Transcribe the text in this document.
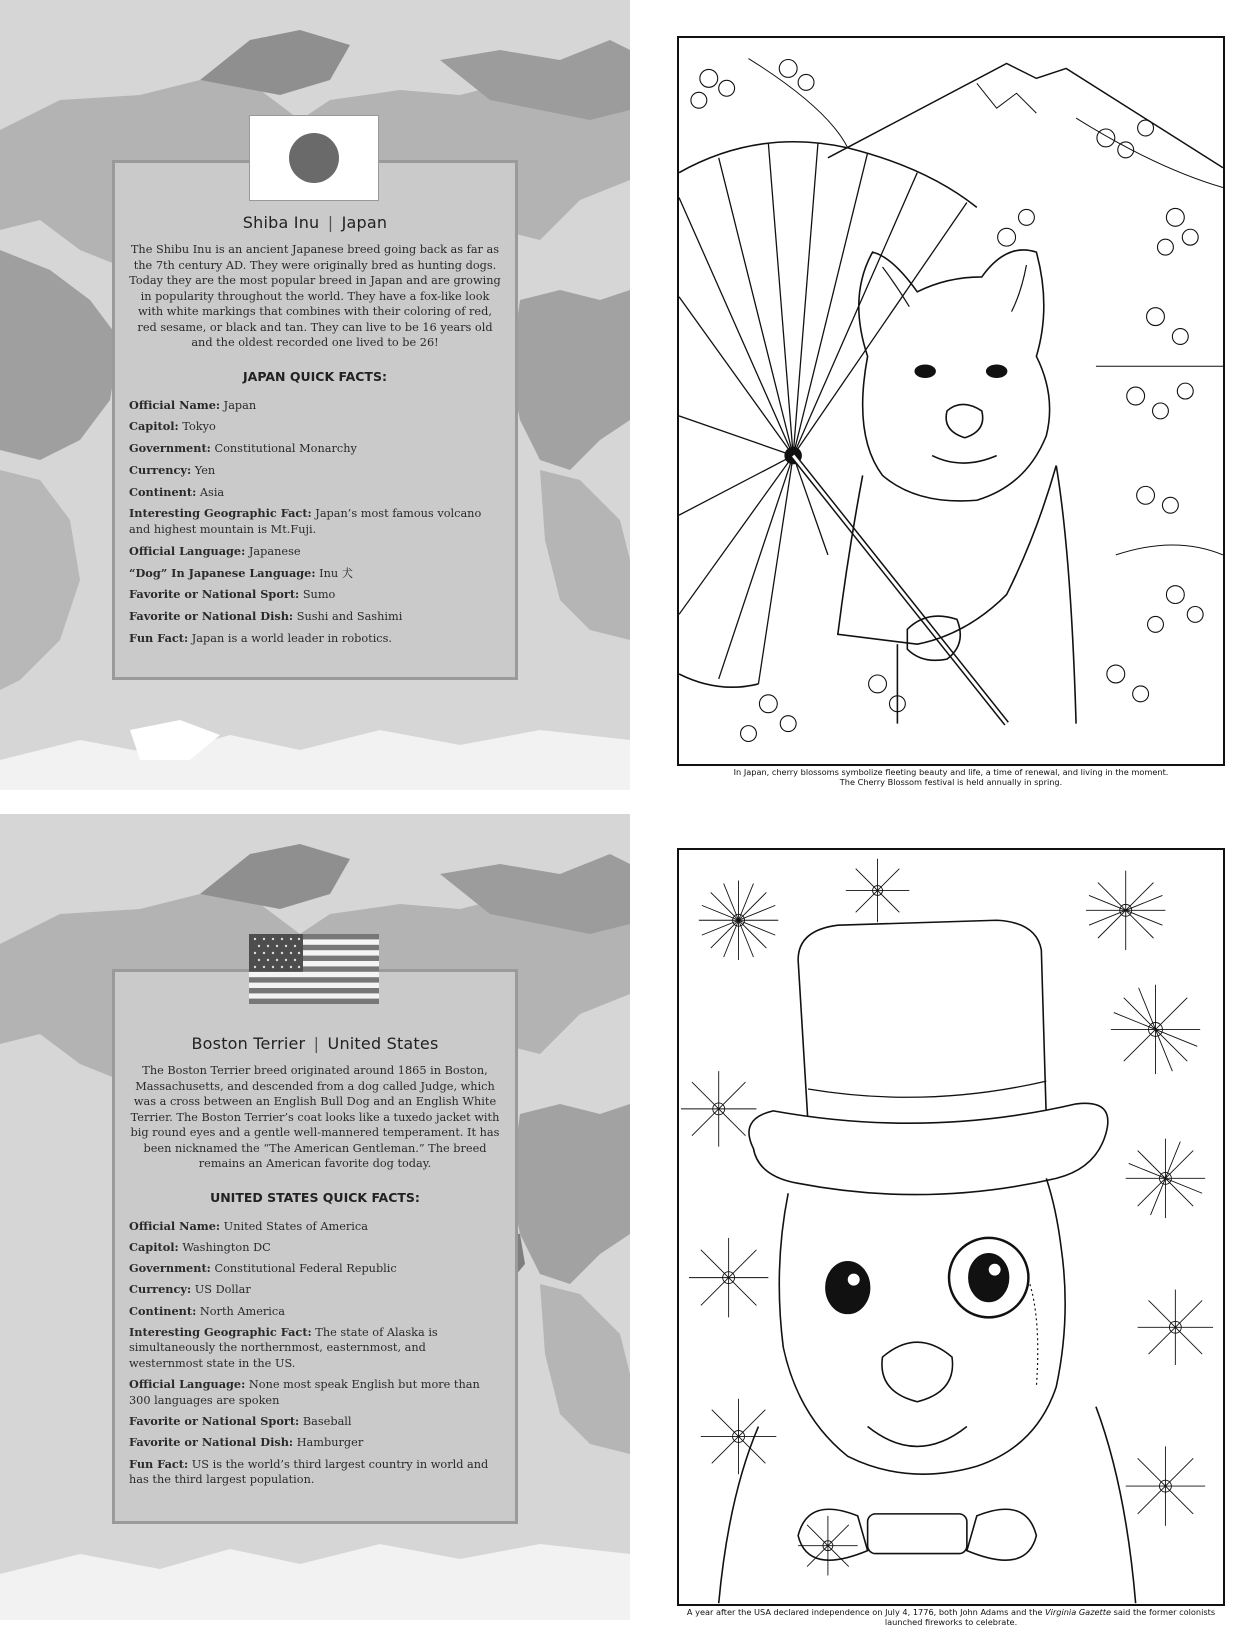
Shiba Inu | Japan

The Shibu Inu is an ancient Japanese breed going back as far as the 7th century AD. They were originally bred as hunting dogs. Today they are the most popular breed in Japan and are growing in popularity throughout the world. They have a fox-like look with white markings that combines with their coloring of red, red sesame, or black and tan. They can live to be 16 years old and the oldest recorded one lived to be 26!

JAPAN QUICK FACTS:
Official Name: Japan
Capitol: Tokyo
Government: Constitutional Monarchy
Currency: Yen
Continent: Asia
Interesting Geographic Fact: Japan’s most famous volcano and highest mountain is Mt.Fuji.
Official Language: Japanese
“Dog” In Japanese Language: Inu 犬
Favorite or National Sport: Sumo
Favorite or National Dish: Sushi and Sashimi
Fun Fact: Japan is a world leader in robotics.
Boston Terrier | United States

The Boston Terrier breed originated around 1865 in Boston, Massachusetts, and descended from a dog called Judge, which was a cross between an English Bull Dog and an English White Terrier. The Boston Terrier’s coat looks like a tuxedo jacket with big round eyes and a gentle well-mannered temperament. It has been nicknamed the “The American Gentleman.” The breed remains an American favorite dog today.

UNITED STATES QUICK FACTS:
Official Name: United States of America
Capitol: Washington DC
Government: Constitutional Federal Republic
Currency: US Dollar
Continent: North America
Interesting Geographic Fact: The state of Alaska is simultaneously the northernmost, easternmost, and westernmost state in the US.
Official Language: None most speak English but more than 300 languages are spoken
Favorite or National Sport: Baseball
Favorite or National Dish: Hamburger
Fun Fact: US is the world’s third largest country in world and has the third largest population.
In Japan, cherry blossoms symbolize fleeting beauty and life, a time of renewal, and living in the moment.
The Cherry Blossom festival is held annually in spring.
A year after the USA declared independence on July 4, 1776, both John Adams and the Virginia Gazette said the former colonists
launched fireworks to celebrate.
